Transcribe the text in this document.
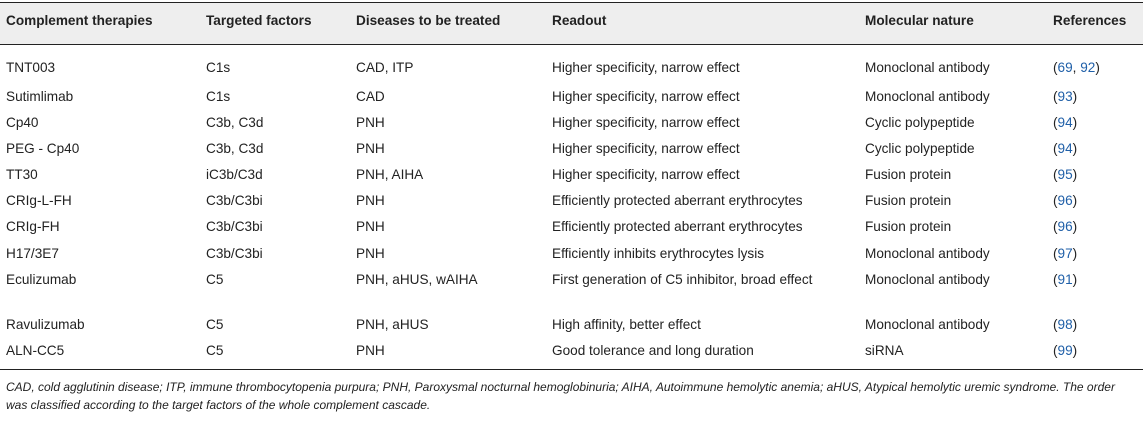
Complement therapies	Targeted factors	Diseases to be treated	Readout	Molecular nature	References
TNT003	C1s	CAD, ITP	Higher specificity, narrow effect	Monoclonal antibody	(69, 92)
Sutimlimab	C1s	CAD	Higher specificity, narrow effect	Monoclonal antibody	(93)
Cp40	C3b, C3d	PNH	Higher specificity, narrow effect	Cyclic polypeptide	(94)
PEG - Cp40	C3b, C3d	PNH	Higher specificity, narrow effect	Cyclic polypeptide	(94)
TT30	iC3b/C3d	PNH, AIHA	Higher specificity, narrow effect	Fusion protein	(95)
CRIg-L-FH	C3b/C3bi	PNH	Efficiently protected aberrant erythrocytes	Fusion protein	(96)
CRIg-FH	C3b/C3bi	PNH	Efficiently protected aberrant erythrocytes	Fusion protein	(96)
H17/3E7	C3b/C3bi	PNH	Efficiently inhibits erythrocytes lysis	Monoclonal antibody	(97)
Eculizumab	C5	PNH, aHUS, wAIHA	First generation of C5 inhibitor, broad effect	Monoclonal antibody	(91)
Ravulizumab	C5	PNH, aHUS	High affinity, better effect	Monoclonal antibody	(98)
ALN-CC5	C5	PNH	Good tolerance and long duration	siRNA	(99)
CAD, cold agglutinin disease; ITP, immune thrombocytopenia purpura; PNH, Paroxysmal nocturnal hemoglobinuria; AIHA, Autoimmune hemolytic anemia; aHUS, Atypical hemolytic uremic syndrome. The order was classified according to the target factors of the whole complement cascade.
